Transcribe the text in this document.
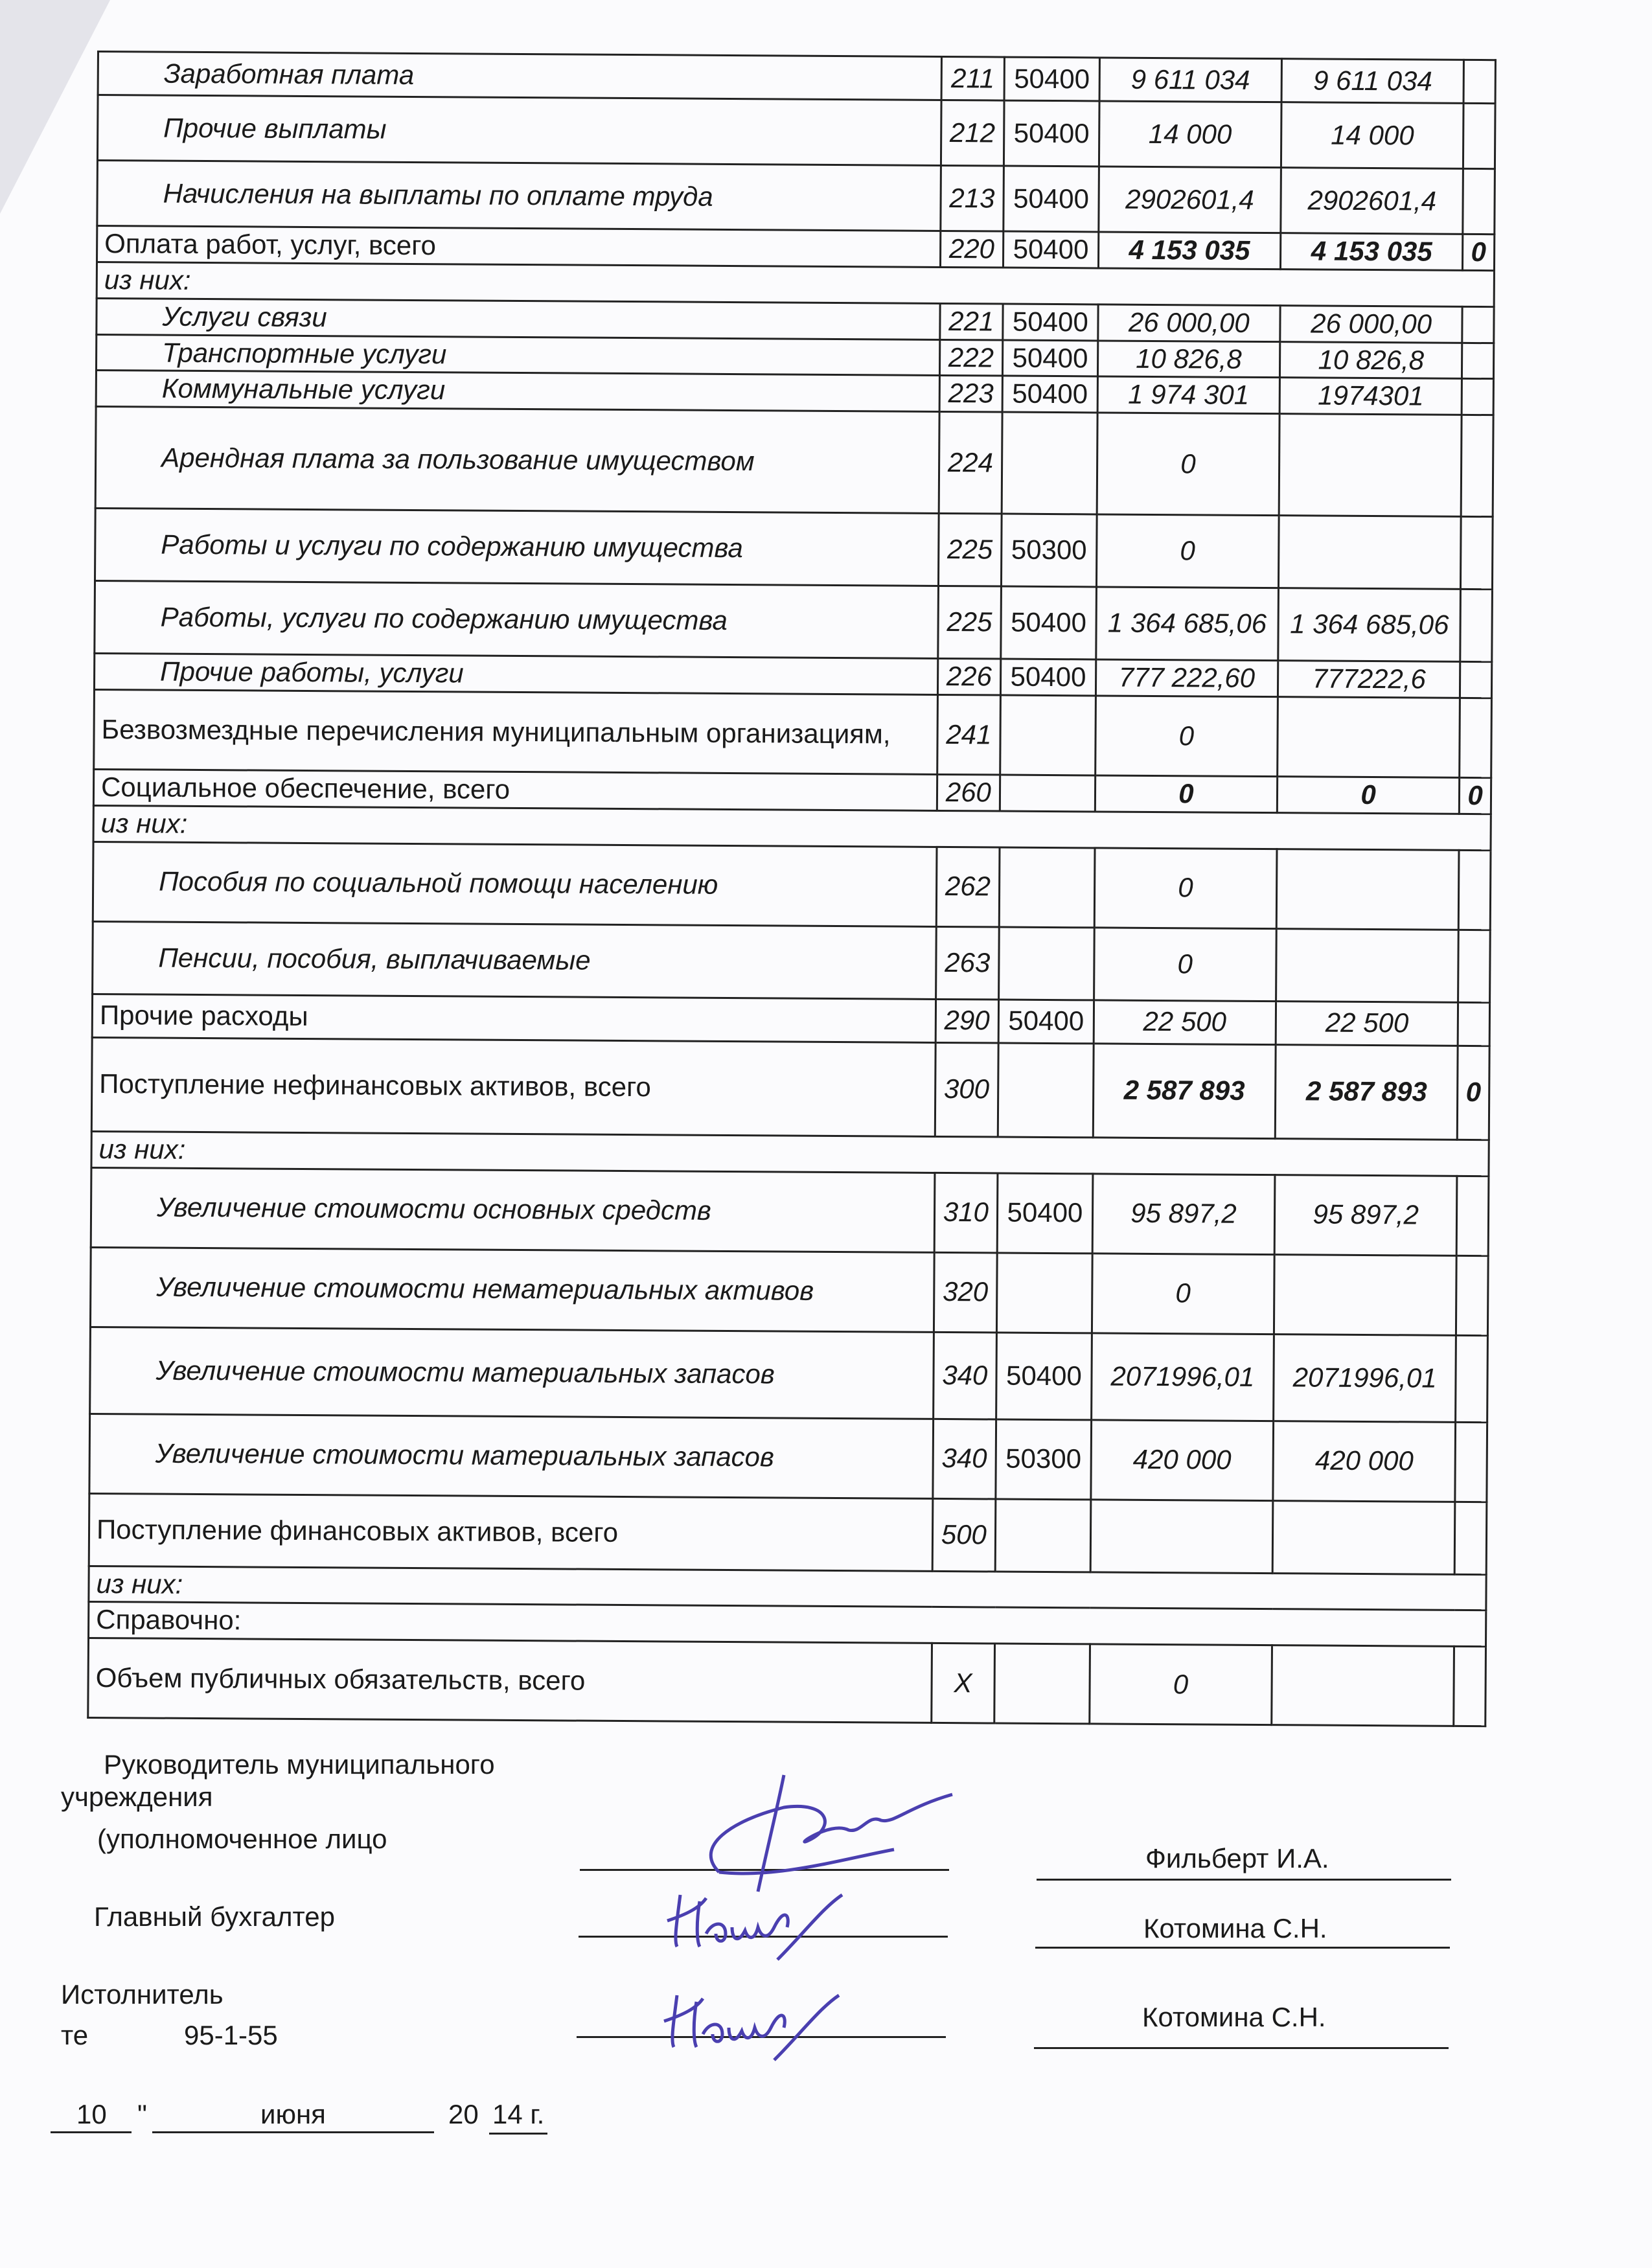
Заработная плата	211	50400	9 611 034	9 611 034	
Прочие выплаты	212	50400	14 000	14 000	
Начисления на выплаты по оплате труда	213	50400	2902601,4	2902601,4	
Оплата работ, услуг, всего	220	50400	4 153 035	4 153 035	0
из них:					
Услуги связи	221	50400	26 000,00	26 000,00	
Транспортные услуги	222	50400	10 826,8	10 826,8	
Коммунальные услуги	223	50400	1 974 301	1974301	
Арендная плата за пользование имуществом	224		0		
Работы и услуги по содержанию имущества	225	50300	0		
Работы, услуги по содержанию имущества	225	50400	1 364 685,06	1 364 685,06	
Прочие работы, услуги	226	50400	777 222,60	777222,6	
Безвозмездные перечисления муниципальным организациям,	241		0		
Социальное обеспечение, всего	260		0	0	0
из них:					
Пособия по социальной помощи населению	262		0		
Пенсии, пособия, выплачиваемые	263		0		
Прочие расходы	290	50400	22 500	22 500	
Поступление нефинансовых активов, всего	300		2 587 893	2 587 893	0
из них:					
Увеличение стоимости основных средств	310	50400	95 897,2	95 897,2	
Увеличение стоимости нематериальных активов	320		0		
Увеличение стоимости материальных запасов	340	50400	2071996,01	2071996,01	
Увеличение стоимости материальных запасов	340	50300	420 000	420 000	
Поступление финансовых активов, всего	500				
из них:					
Справочно:					
Объем публичных обязательств, всего	Х		0		
Руководитель муниципального
учреждения
(уполномоченное лицо
Фильберт И.А.
Главный бухгалтер	Котомина С.Н.
Истолнитель
те	95-1-55
Котомина С.Н.
10 "	июня	20 14 г.
